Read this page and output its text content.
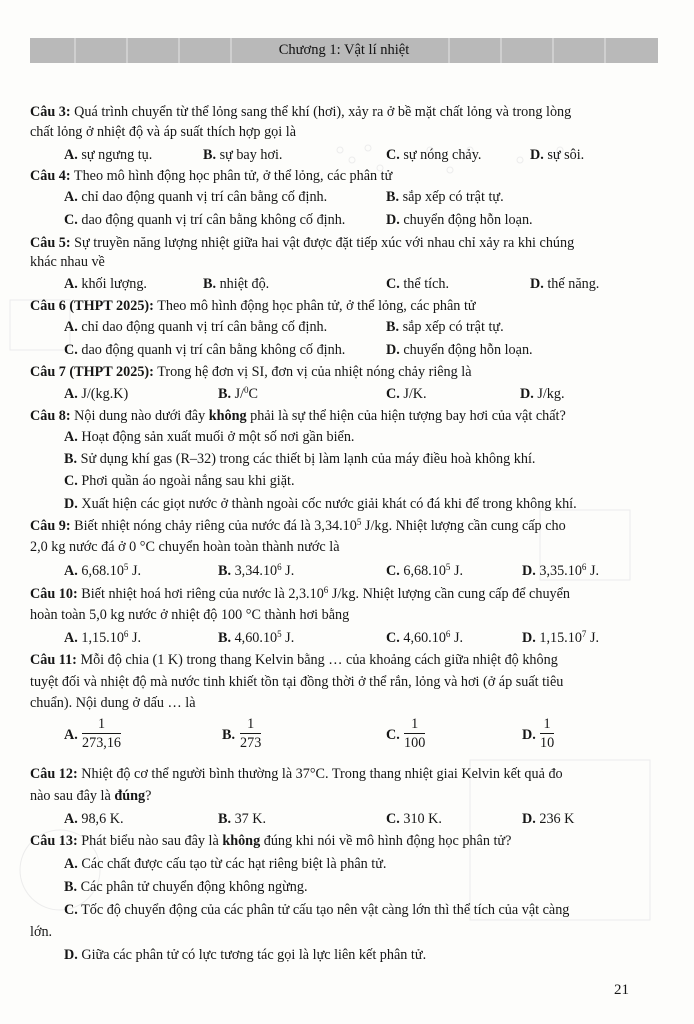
Chương 1: Vật lí nhiệt
Câu 3: Quá trình chuyển từ thể lỏng sang thể khí (hơi), xảy ra ở bề mặt chất lỏng và trong lòng
chất lỏng ở nhiệt độ và áp suất thích hợp gọi là
A. sự ngưng tụ.	B. sự bay hơi.	C. sự nóng chảy.	D. sự sôi.
Câu 4: Theo mô hình động học phân tử, ở thể lỏng, các phân tử
A. chỉ dao động quanh vị trí cân bằng cố định.	B. sắp xếp có trật tự.
C. dao động quanh vị trí cân bằng không cố định.	D. chuyển động hỗn loạn.
Câu 5: Sự truyền năng lượng nhiệt giữa hai vật được đặt tiếp xúc với nhau chỉ xảy ra khi chúng
khác nhau về
A. khối lượng.	B. nhiệt độ.	C. thể tích.	D. thế năng.
Câu 6 (THPT 2025): Theo mô hình động học phân tử, ở thể lỏng, các phân tử
A. chỉ dao động quanh vị trí cân bằng cố định.	B. sắp xếp có trật tự.
C. dao động quanh vị trí cân bằng không cố định.	D. chuyển động hỗn loạn.
Câu 7 (THPT 2025): Trong hệ đơn vị SI, đơn vị của nhiệt nóng chảy riêng là
A. J/(kg.K)	B. J/$^0$C	C. J/K.	D. J/kg.
Câu 8: Nội dung nào dưới đây không phải là sự thể hiện của hiện tượng bay hơi của vật chất?
A. Hoạt động sản xuất muối ở một số nơi gần biển.
B. Sử dụng khí gas (R–32) trong các thiết bị làm lạnh của máy điều hoà không khí.
C. Phơi quần áo ngoài nắng sau khi giặt.
D. Xuất hiện các giọt nước ở thành ngoài cốc nước giải khát có đá khi để trong không khí.
Câu 9: Biết nhiệt nóng chảy riêng của nước đá là 3,34.10$^5$ J/kg. Nhiệt lượng cần cung cấp cho
2,0 kg nước đá ở 0 °C chuyển hoàn toàn thành nước là
A. 6,68.10$^5$ J.	B. 3,34.10$^6$ J.	C. 6,68.10$^5$ J.	D. 3,35.10$^6$ J.
Câu 10: Biết nhiệt hoá hơi riêng của nước là 2,3.10$^6$ J/kg. Nhiệt lượng cần cung cấp để chuyển
hoàn toàn 5,0 kg nước ở nhiệt độ 100 °C thành hơi bằng
A. 1,15.10$^6$ J.	B. 4,60.10$^5$ J.	C. 4,60.10$^6$ J.	D. 1,15.10$^7$ J.
Câu 11: Mỗi độ chia (1 K) trong thang Kelvin bằng … của khoảng cách giữa nhiệt độ không
tuyệt đối và nhiệt độ mà nước tinh khiết tồn tại đồng thời ở thể rắn, lỏng và hơi (ở áp suất tiêu
chuẩn). Nội dung ở dấu … là
A. $\frac{1}{273,16}$	B. $\frac{1}{273}$	C. $\frac{1}{100}$	D. $\frac{1}{10}$
Câu 12: Nhiệt độ cơ thể người bình thường là 37°C. Trong thang nhiệt giai Kelvin kết quả đo
nào sau đây là đúng?
A. 98,6 K.	B. 37 K.	C. 310 K.	D. 236 K
Câu 13: Phát biểu nào sau đây là không đúng khi nói về mô hình động học phân tử?
A. Các chất được cấu tạo từ các hạt riêng biệt là phân tử.
B. Các phân tử chuyển động không ngừng.
C. Tốc độ chuyển động của các phân tử cấu tạo nên vật càng lớn thì thể tích của vật càng
lớn.
D. Giữa các phân tử có lực tương tác gọi là lực liên kết phân tử.
21
